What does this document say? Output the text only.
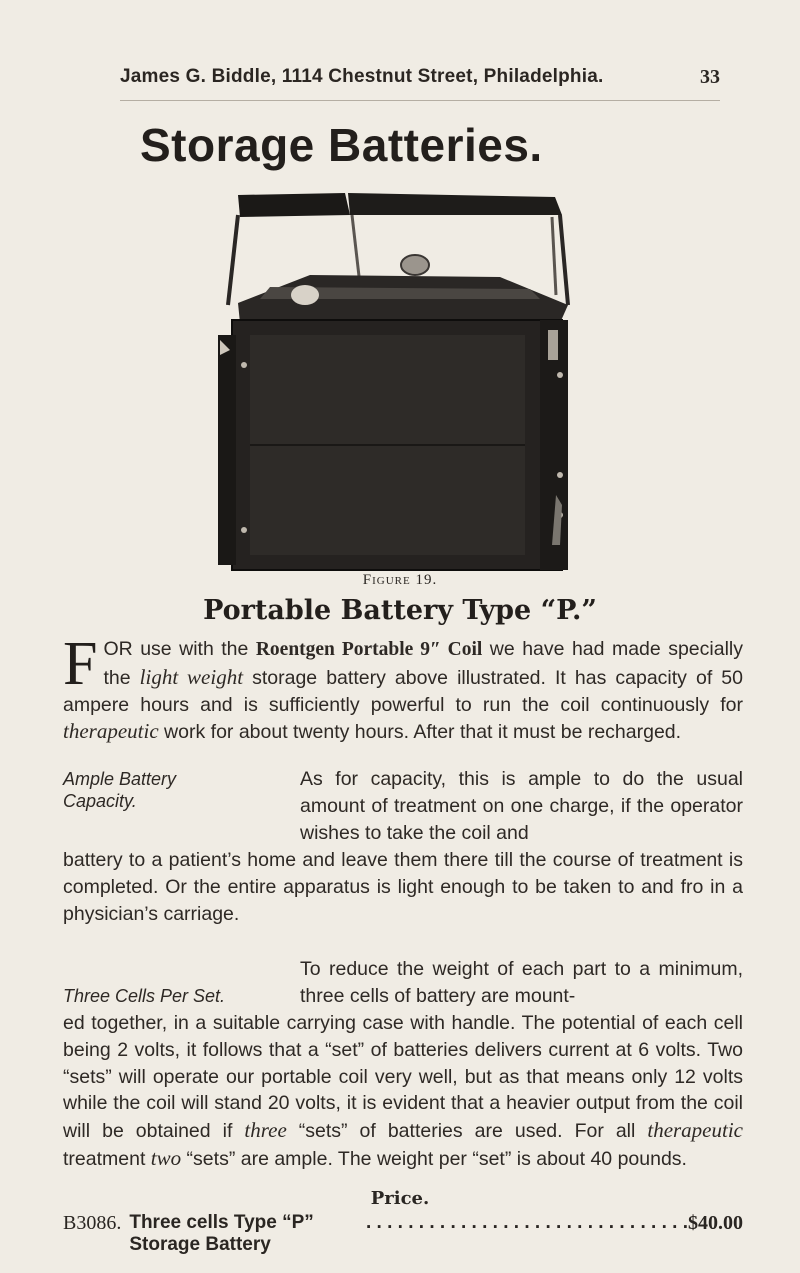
James G. Biddle, 1114 Chestnut Street, Philadelphia.	33
Storage Batteries.
Figure 19.
Portable Battery Type “P.”
FOR use with the Roentgen Portable 9″ Coil we have had made specially the light weight storage battery above illustrated. It has capacity of 50 ampere hours and is sufficiently powerful to run the coil continuously for therapeutic work for about twenty hours. After that it must be recharged.
Ample Battery Capacity.
As for capacity, this is ample to do the usual amount of treatment on one charge, if the operator wishes to take the coil and
battery to a patient’s home and leave them there till the course of treatment is completed. Or the entire apparatus is light enough to be taken to and fro in a physician’s carriage.
Three Cells Per Set.
To reduce the weight of each part to a minimum, three cells of battery are mount-
ed together, in a suitable carrying case with handle. The potential of each cell being 2 volts, it follows that a “set” of batteries delivers current at 6 volts. Two “sets” will operate our portable coil very well, but as that means only 12 volts while the coil will stand 20 volts, it is evident that a heavier output from the coil will be obtained if three “sets” of batteries are used. For all therapeutic treatment two “sets” are ample. The weight per “set” is about 40 pounds.
Price.
B3086. Three cells Type “P” Storage Battery
. . . . . . . . . . . . . . . . . . . . . . . . . . . . . . . $40.00
